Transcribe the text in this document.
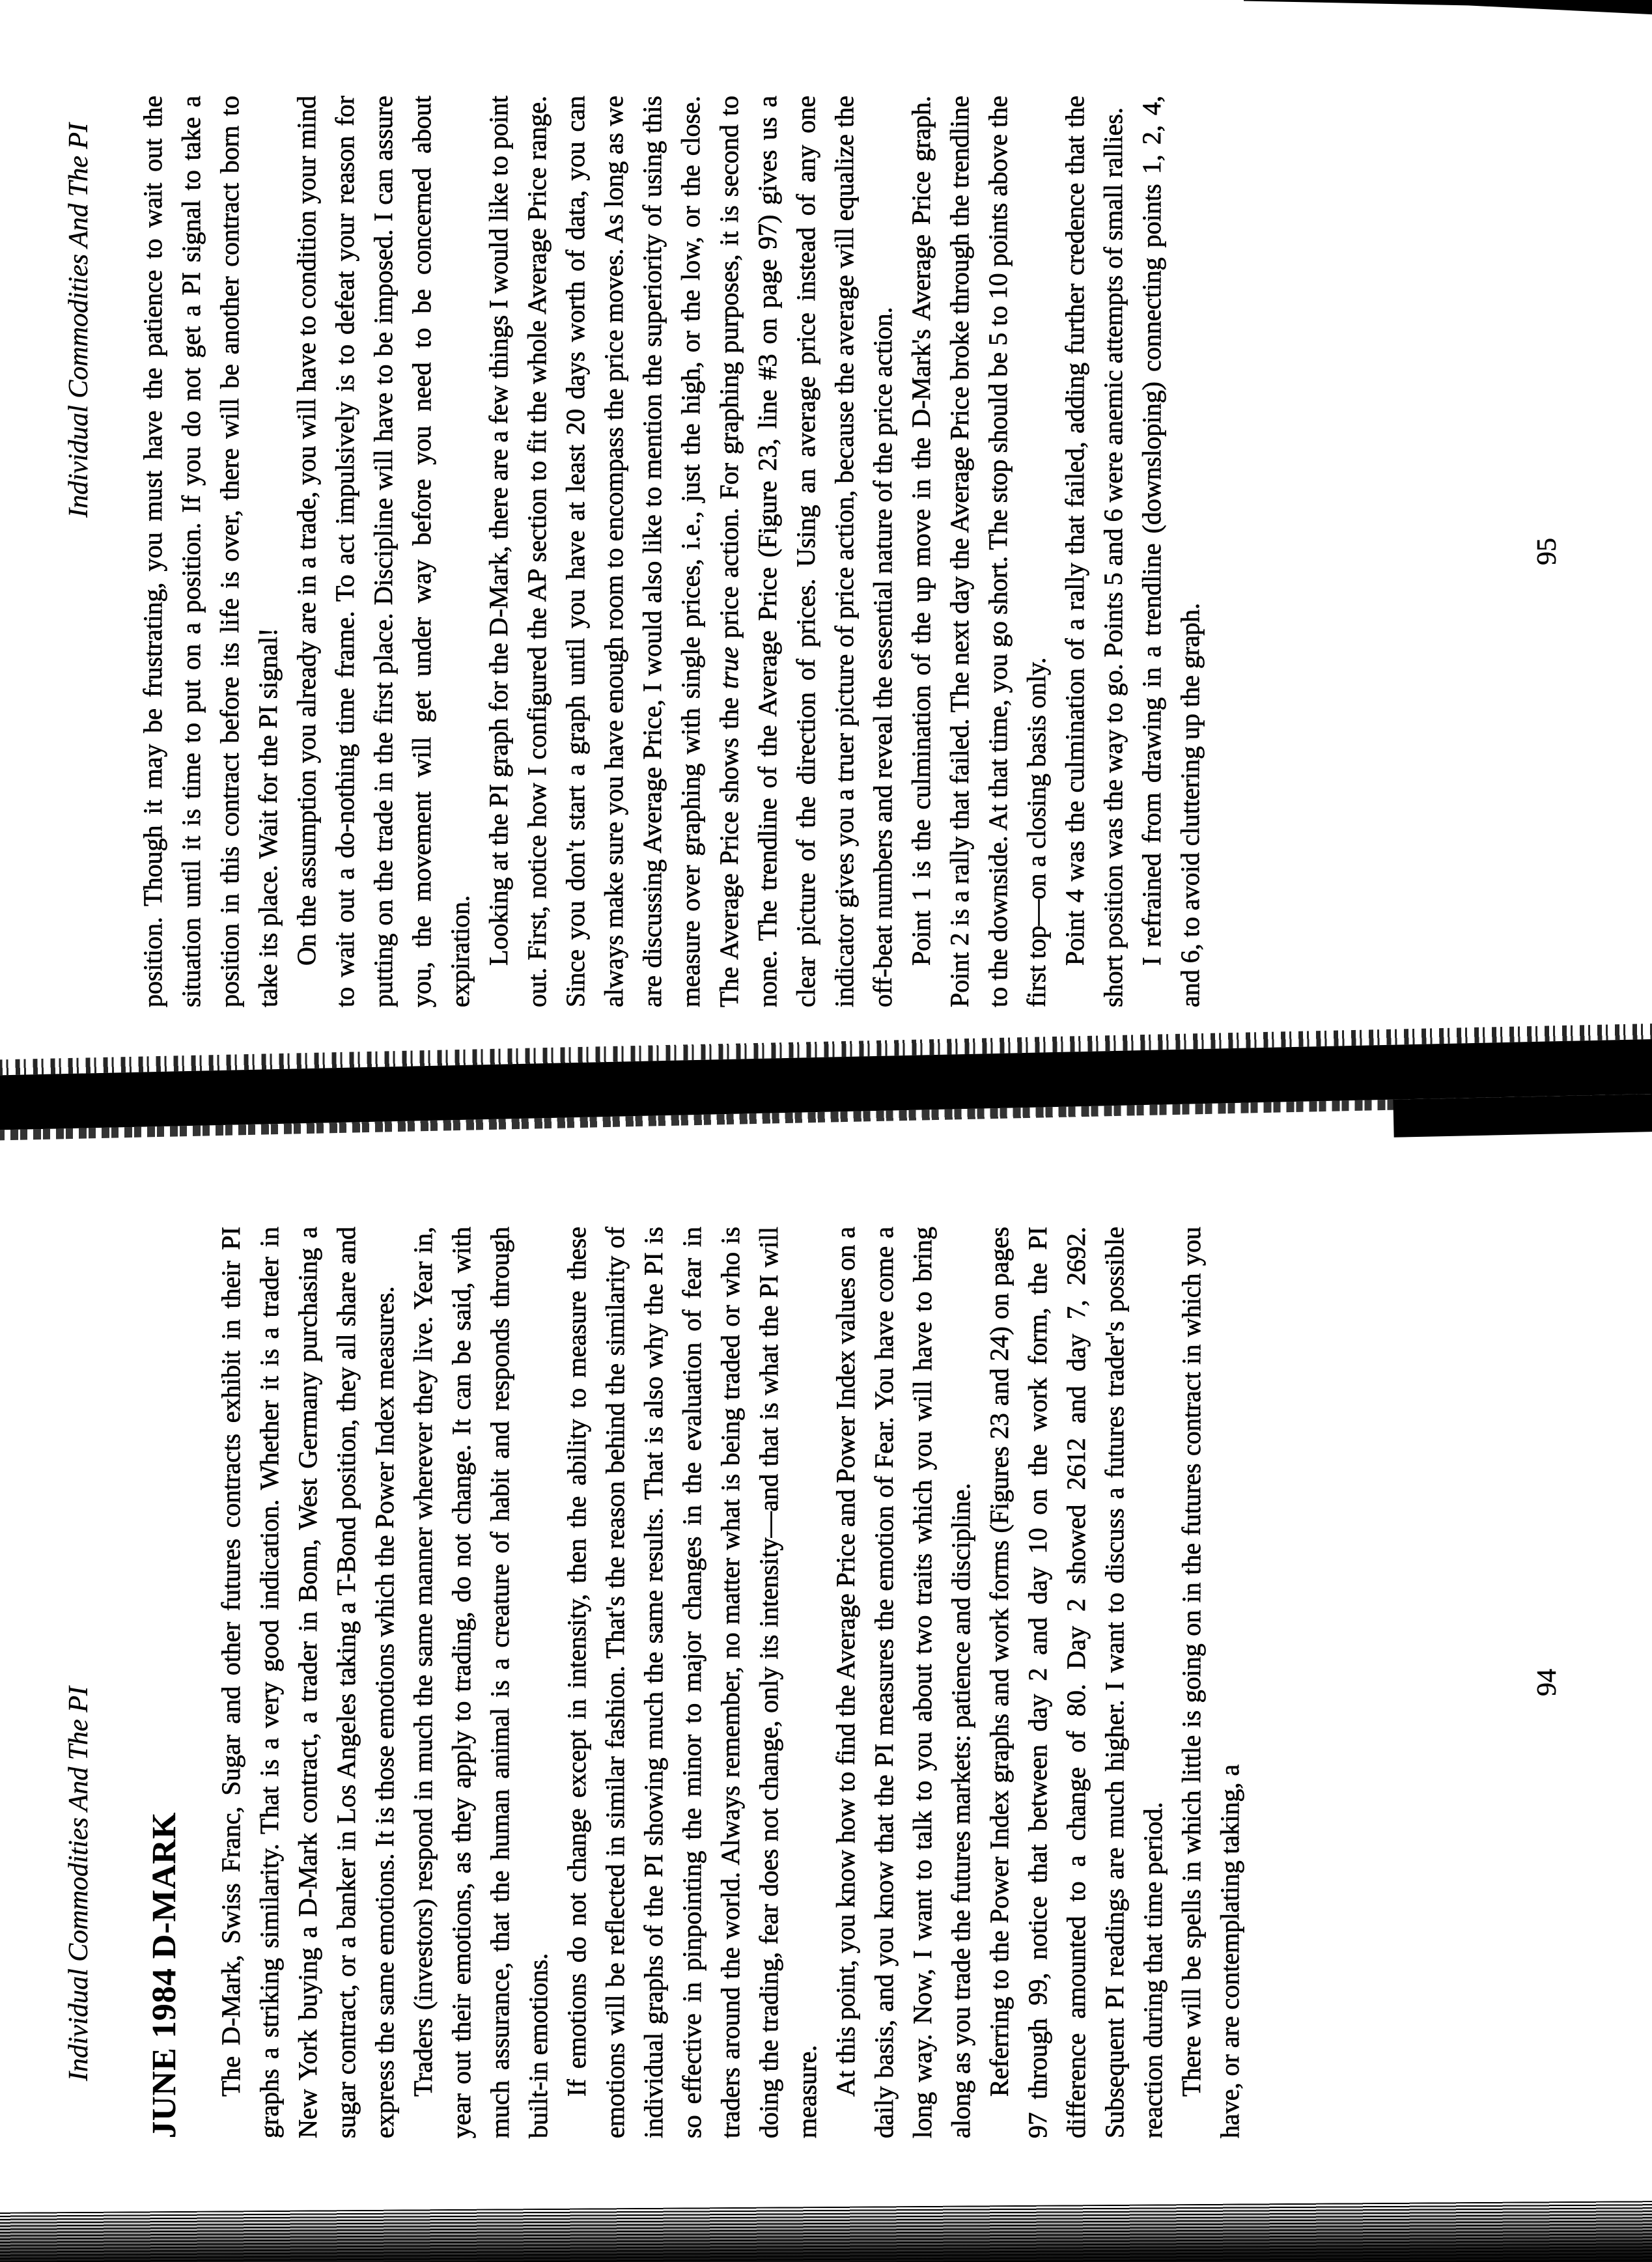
Individual Commodities And The PI position. Though it may be frustrating, you must have the patience to wait out the situation until it is time to put on a position. If you do not get a PI signal to take a position in this contract before its life is over, there will be another contract born to take its place. Wait for the PI signal! On the assumption you already are in a trade, you will have to condition your mind to wait out a do-nothing time frame. To act impulsively is to defeat your reason for putting on the trade in the first place. Discipline will have to be imposed. I can assure you, the movement will get under way before you need to be concerned about expiration. Looking at the PI graph for the D-Mark, there are a few things I would like to point out. First, notice how I configured the AP section to fit the whole Average Price range. Since you don't start a graph until you have at least 20 days worth of data, you can always make sure you have enough room to encompass the price moves. As long as we are discussing Average Price, I would also like to mention the superiority of using this measure over graphing with single prices, i.e., just the high, or the low, or the close. The Average Price shows the true price action. For graphing purposes, it is second to none. The trendline of the Average Price (Figure 23, line #3 on page 97) gives us a clear picture of the direction of prices. Using an average price instead of any one indicator gives you a truer picture of price action, because the average will equalize the off-beat numbers and reveal the essential nature of the price action. Point 1 is the culmination of the up move in the D-Mark's Average Price graph. Point 2 is a rally that failed. The next day the Average Price broke through the trendline to the downside. At that time, you go short. The stop should be 5 to 10 points above the first top—on a closing basis only. Point 4 was the culmination of a rally that failed, adding further credence that the short position was the way to go. Points 5 and 6 were anemic attempts of small rallies. I refrained from drawing in a trendline (downsloping) connecting points 1, 2, 4, and 6, to avoid cluttering up the graph.

95
Individual Commodities And The PI JUNE 1984 D-MARK The D-Mark, Swiss Franc, Sugar and other futures contracts exhibit in their PI graphs a striking similarity. That is a very good indication. Whether it is a trader in New York buying a D-Mark contract, a trader in Bonn, West Germany purchasing a sugar contract, or a banker in Los Angeles taking a T-Bond position, they all share and express the same emotions. It is those emotions which the Power Index measures. Traders (investors) respond in much the same manner wherever they live. Year in, year out their emotions, as they apply to trading, do not change. It can be said, with much assurance, that the human animal is a creature of habit and responds through built-in emotions. If emotions do not change except in intensity, then the ability to measure these emotions will be reflected in similar fashion. That's the reason behind the similarity of individual graphs of the PI showing much the same results. That is also why the PI is so effective in pinpointing the minor to major changes in the evaluation of fear in traders around the world. Always remember, no matter what is being traded or who is doing the trading, fear does not change, only its intensity—and that is what the PI will measure. At this point, you know how to find the Average Price and Power Index values on a daily basis, and you know that the PI measures the emotion of Fear. You have come a long way. Now, I want to talk to you about two traits which you will have to bring along as you trade the futures markets: patience and discipline. Referring to the Power Index graphs and work forms (Figures 23 and 24) on pages 97 through 99, notice that between day 2 and day 10 on the work form, the PI difference amounted to a change of 80. Day 2 showed 2612 and day 7, 2692. Subsequent PI readings are much higher. I want to discuss a futures trader's possible reaction during that time period. There will be spells in which little is going on in the futures contract in which you have, or are contemplating taking, a

94
